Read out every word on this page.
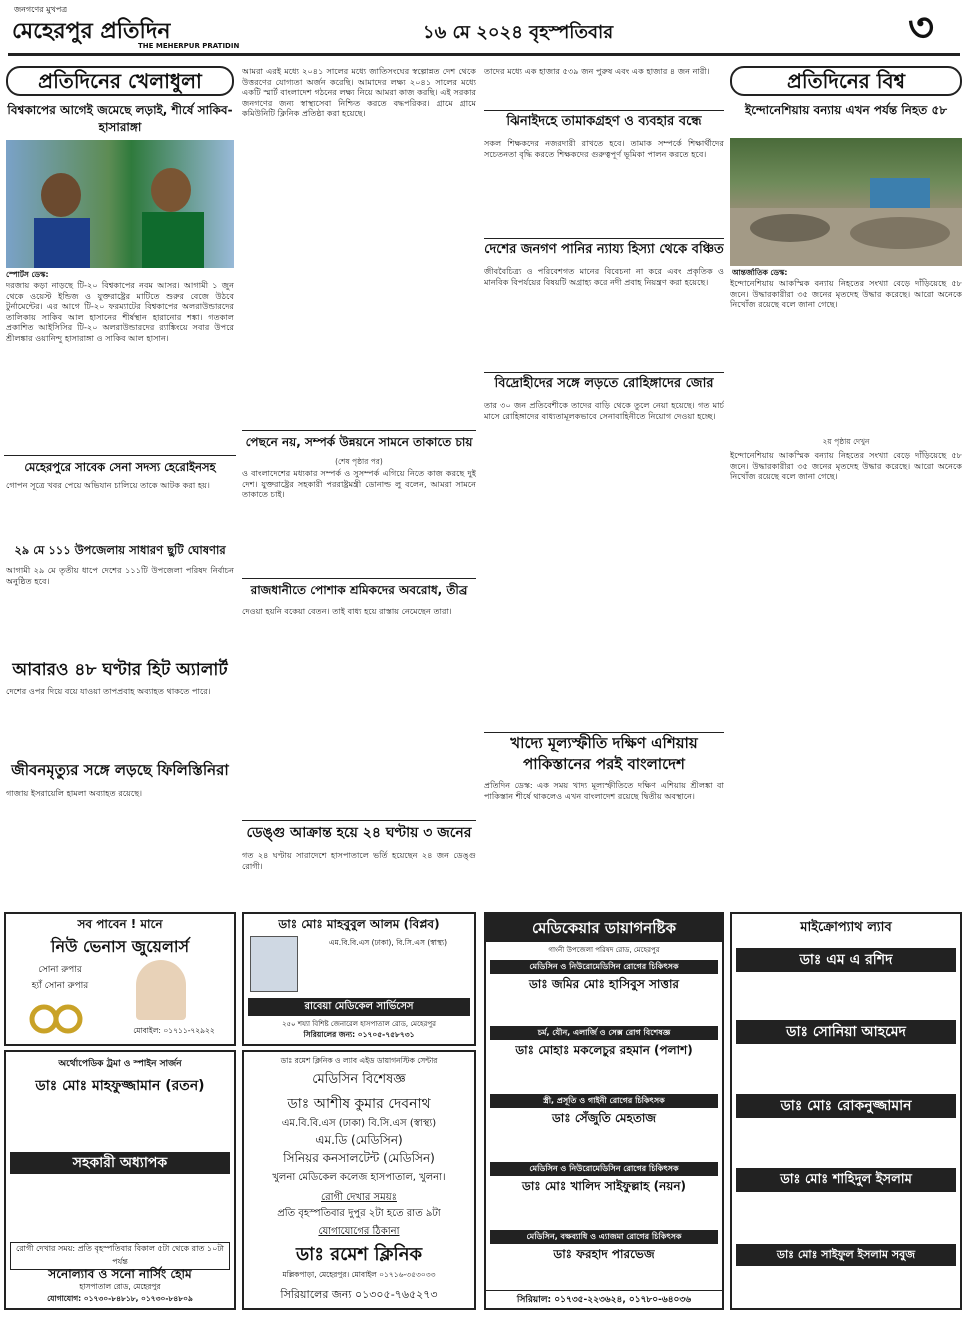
জনগণের মুখপত্র
মেহেরপুর প্রতিদিন
THE MEHERPUR PRATIDIN
১৬ মে ২০২৪ বৃহস্পতিবার	৩
প্রতিদিনের খেলাধুলা
বিশ্বকাপের আগেই জমেছে লড়াই, শীর্ষে সাকিব-হাসারাঙ্গা
স্পোর্টস ডেস্ক:
দরজায় কড়া নাড়ছে টি-২০ বিশ্বকাপের নবম আসর। আগামী ১ জুন থেকে ওয়েস্ট ইন্ডিজ ও যুক্তরাষ্ট্রের মাটিতে শুরুর বেজে উঠবে টুর্নামেন্টের। এর আগে টি-২০ ফরম্যাটের বিশ্বকাপের অলরাউন্ডারদের তালিকায় সাকিব আল হাসানের শীর্ষস্থান হারানোর শঙ্কা। গতকাল প্রকাশিত আইসিসির টি-২০ অলরাউন্ডারদের র‍্যাঙ্কিংয়ে সবার উপরে শ্রীলঙ্কার ওয়ানিন্দু হাসারাঙ্গা ও সাকিব আল হাসান।
মেহেরপুরে সাবেক সেনা সদস্য হেরোইনসহ
গোপন সূত্রে খবর পেয়ে অভিযান চালিয়ে তাকে আটক করা হয়।
২৯ মে ১১১ উপজেলায় সাধারণ ছুটি ঘোষণার
আগামী ২৯ মে তৃতীয় ধাপে দেশের ১১১টি উপজেলা পরিষদ নির্বাচন অনুষ্ঠিত হবে।
আবারও ৪৮ ঘণ্টার হিট অ্যালার্ট
দেশের ওপর দিয়ে বয়ে যাওয়া তাপপ্রবাহ অব্যাহত থাকতে পারে।
জীবনমৃত্যুর সঙ্গে লড়ছে ফিলিস্তিনিরা
গাজায় ইসরায়েলি হামলা অব্যাহত রয়েছে।
আমরা এরই মধ্যে ২০৪১ সালের মধ্যে জাতিসংঘের স্বল্পোন্নত দেশ থেকে উত্তরণের যোগ্যতা অর্জন করেছি। আমাদের লক্ষ্য ২০৪১ সালের মধ্যে একটি স্মার্ট বাংলাদেশ গঠনের লক্ষ্য নিয়ে আমরা কাজ করছি। এই সরকার জনগণের জন্য স্বাস্থ্যসেবা নিশ্চিত করতে বদ্ধপরিকর। গ্রামে গ্রামে কমিউনিটি ক্লিনিক প্রতিষ্ঠা করা হয়েছে।
পেছনে নয়, সম্পর্ক উন্নয়নে সামনে তাকাতে চায়
(শেষ পৃষ্ঠার পর)
ও বাংলাদেশের মধ্যকার সম্পর্ক ও সুসম্পর্ক এগিয়ে নিতে কাজ করছে দুই দেশ। যুক্তরাষ্ট্রের সহকারী পররাষ্ট্রমন্ত্রী ডোনাল্ড লু বলেন, আমরা সামনে তাকাতে চাই।
রাজধানীতে পোশাক শ্রমিকদের অবরোধ, তীব্র
দেওয়া হয়নি বকেয়া বেতন। তাই বাধ্য হয়ে রাস্তায় নেমেছেন তারা।
ডেঙ্গু আক্রান্ত হয়ে ২৪ ঘণ্টায় ৩ জনের
গত ২৪ ঘণ্টায় সারাদেশে হাসপাতালে ভর্তি হয়েছেন ২৪ জন ডেঙ্গু রোগী।
তাদের মধ্যে এক হাজার ৫৩৯ জন পুরুষ এবং এক হাজার ৪ জন নারী।
ঝিনাইদহে তামাকগ্রহণ ও ব্যবহার বন্ধে
সকল শিক্ষকদের নজরদারী রাখতে হবে। তামাক সম্পর্কে শিক্ষার্থীদের সচেতনতা বৃদ্ধি করতে শিক্ষকদের গুরুত্বপূর্ণ ভূমিকা পালন করতে হবে।
দেশের জনগণ পানির ন্যায্য হিস্যা থেকে বঞ্চিত
জীববৈচিত্র্য ও পরিবেশগত মানের বিবেচনা না করে এবং প্রকৃতিক ও মানবিক বিপর্যয়ের বিষয়টি অগ্রাহ্য করে নদী প্রবাহ নিয়ন্ত্রণ করা হয়েছে।
বিদ্রোহীদের সঙ্গে লড়তে রোহিঙ্গাদের জোর
তার ৩০ জন প্রতিবেশীকে তাদের বাড়ি থেকে তুলে নেয়া হয়েছে। গত মার্চ মাসে রোহিঙ্গাদের বাধ্যতামূলকভাবে সেনাবাহিনীতে নিয়োগ দেওয়া হচ্ছে।
খাদ্যে মূল্যস্ফীতি দক্ষিণ এশিয়ায় পাকিস্তানের পরই বাংলাদেশ
প্রতিদিন ডেস্ক: এক সময় খাদ্য মূল্যস্ফীতিতে দক্ষিণ এশিয়ায় শ্রীলঙ্কা বা পাকিস্তান শীর্ষে থাকলেও এখন বাংলাদেশ রয়েছে দ্বিতীয় অবস্থানে।
প্রতিদিনের বিশ্ব
ইন্দোনেশিয়ায় বন্যায় এখন পর্যন্ত নিহত ৫৮
আন্তর্জাতিক ডেস্ক:
ইন্দোনেশিয়ায় আকস্মিক বন্যায় নিহতের সংখ্যা বেড়ে দাঁড়িয়েছে ৫৮ জনে। উদ্ধারকারীরা ৩৫ জনের মৃতদেহ উদ্ধার করেছে। আরো অনেকে নিখোঁজ রয়েছে বলে জানা গেছে।
২য় পৃষ্ঠায় দেখুন
ইন্দোনেশিয়ায় আকস্মিক বন্যায় নিহতের সংখ্যা বেড়ে দাঁড়িয়েছে ৫৮ জনে। উদ্ধারকারীরা ৩৫ জনের মৃতদেহ উদ্ধার করেছে। আরো অনেকে নিখোঁজ রয়েছে বলে জানা গেছে।
সব পাবেন ! মানে
নিউ ভেনাস জুয়েলার্স
সোনা রুপার
হ্যাঁ সোনা রুপার
মোবাইল: ০১৭১১-৭২৯২২
ডাঃ মোঃ মাহবুবুল আলম (বিপ্লব)
এম.বি.বি.এস (ঢাকা), বি.সি.এস (স্বাস্থ্য)
রাবেয়া মেডিকেল সার্ভিসেস
২৫০ শয্যা বিশিষ্ট জেনারেল হাসপাতাল রোড, মেহেরপুর
সিরিয়ালের জন্য: ০১৭০৫-৭৫৮৭৩১
মেডিকেয়ার ডায়াগনষ্টিক
গাংনী উপজেলা পরিষদ রোড, মেহেরপুর
মেডিসিন ও নিউরোমেডিসিন রোগের চিকিৎসক
ডাঃ জমির মোঃ হাসিবুস সাত্তার
চর্ম, যৌন, এলার্জি ও সেক্স রোগ বিশেষজ্ঞ
ডাঃ মোহাঃ মকলেচুর রহমান (পলাশ)
স্ত্রী, প্রসূতি ও গাইনী রোগের চিকিৎসক
ডাঃ সেঁজুতি মেহতাজ
মেডিসিন ও নিউরোমেডিসিন রোগের চিকিৎসক
ডাঃ মোঃ খালিদ সাইফুল্লাহ (নয়ন)
মেডিসিন, বক্ষব্যাধি ও এ্যাজমা রোগের চিকিৎসক
ডাঃ ফরহাদ পারভেজ
সিরিয়াল: ০১৭৩৫-২২৩৬২৪, ০১৭৮০-৬৪০৩৬
মাইক্রোপ্যাথ ল্যাব
ডাঃ এম এ রশিদ
ডাঃ সোনিয়া আহমেদ
ডাঃ মোঃ রোকনুজ্জামান
ডাঃ মোঃ শাহিদুল ইসলাম
ডাঃ মোঃ সাইফুল ইসলাম সবুজ
অর্থোপেডিক ট্রমা ও স্পাইন সার্জন
ডাঃ মোঃ মাহফুজ্জামান (রতন)
সহকারী অধ্যাপক
রোগী দেখার সময়: প্রতি বৃহস্পতিবার বিকাল ৫টা থেকে রাত ১০টা পর্যন্ত
সনোল্যাব ও সনো নার্সিং হোম
হাসপাতাল রোড, মেহেরপুর
যোগাযোগ: ০১৭৩০-৮৪৮১৮, ০১৭৩০-৮৪৮০৯
ডাঃ রমেশ ক্লিনিক ও ল্যাব এইড ডায়াগনস্টিক সেন্টার
মেডিসিন বিশেষজ্ঞ
ডাঃ আশীষ কুমার দেবনাথ
এম.বি.বি.এস (ঢাকা) বি.সি.এস (স্বাস্থ্য)
এম.ডি (মেডিসিন)
সিনিয়র কনসালটেন্ট (মেডিসিন)
খুলনা মেডিকেল কলেজ হাসপাতাল, খুলনা।
রোগী দেখার সময়ঃ
প্রতি বৃহস্পতিবার দুপুর ২টা হতে রাত ৯টা
যোগাযোগের ঠিকানা
ডাঃ রমেশ ক্লিনিক
মল্লিকপাড়া, মেহেরপুর। মোবাইল ০১৭১৬-৩৫৩০৩৩
সিরিয়ালের জন্য ০১৩০৫-৭৬৫২৭৩
